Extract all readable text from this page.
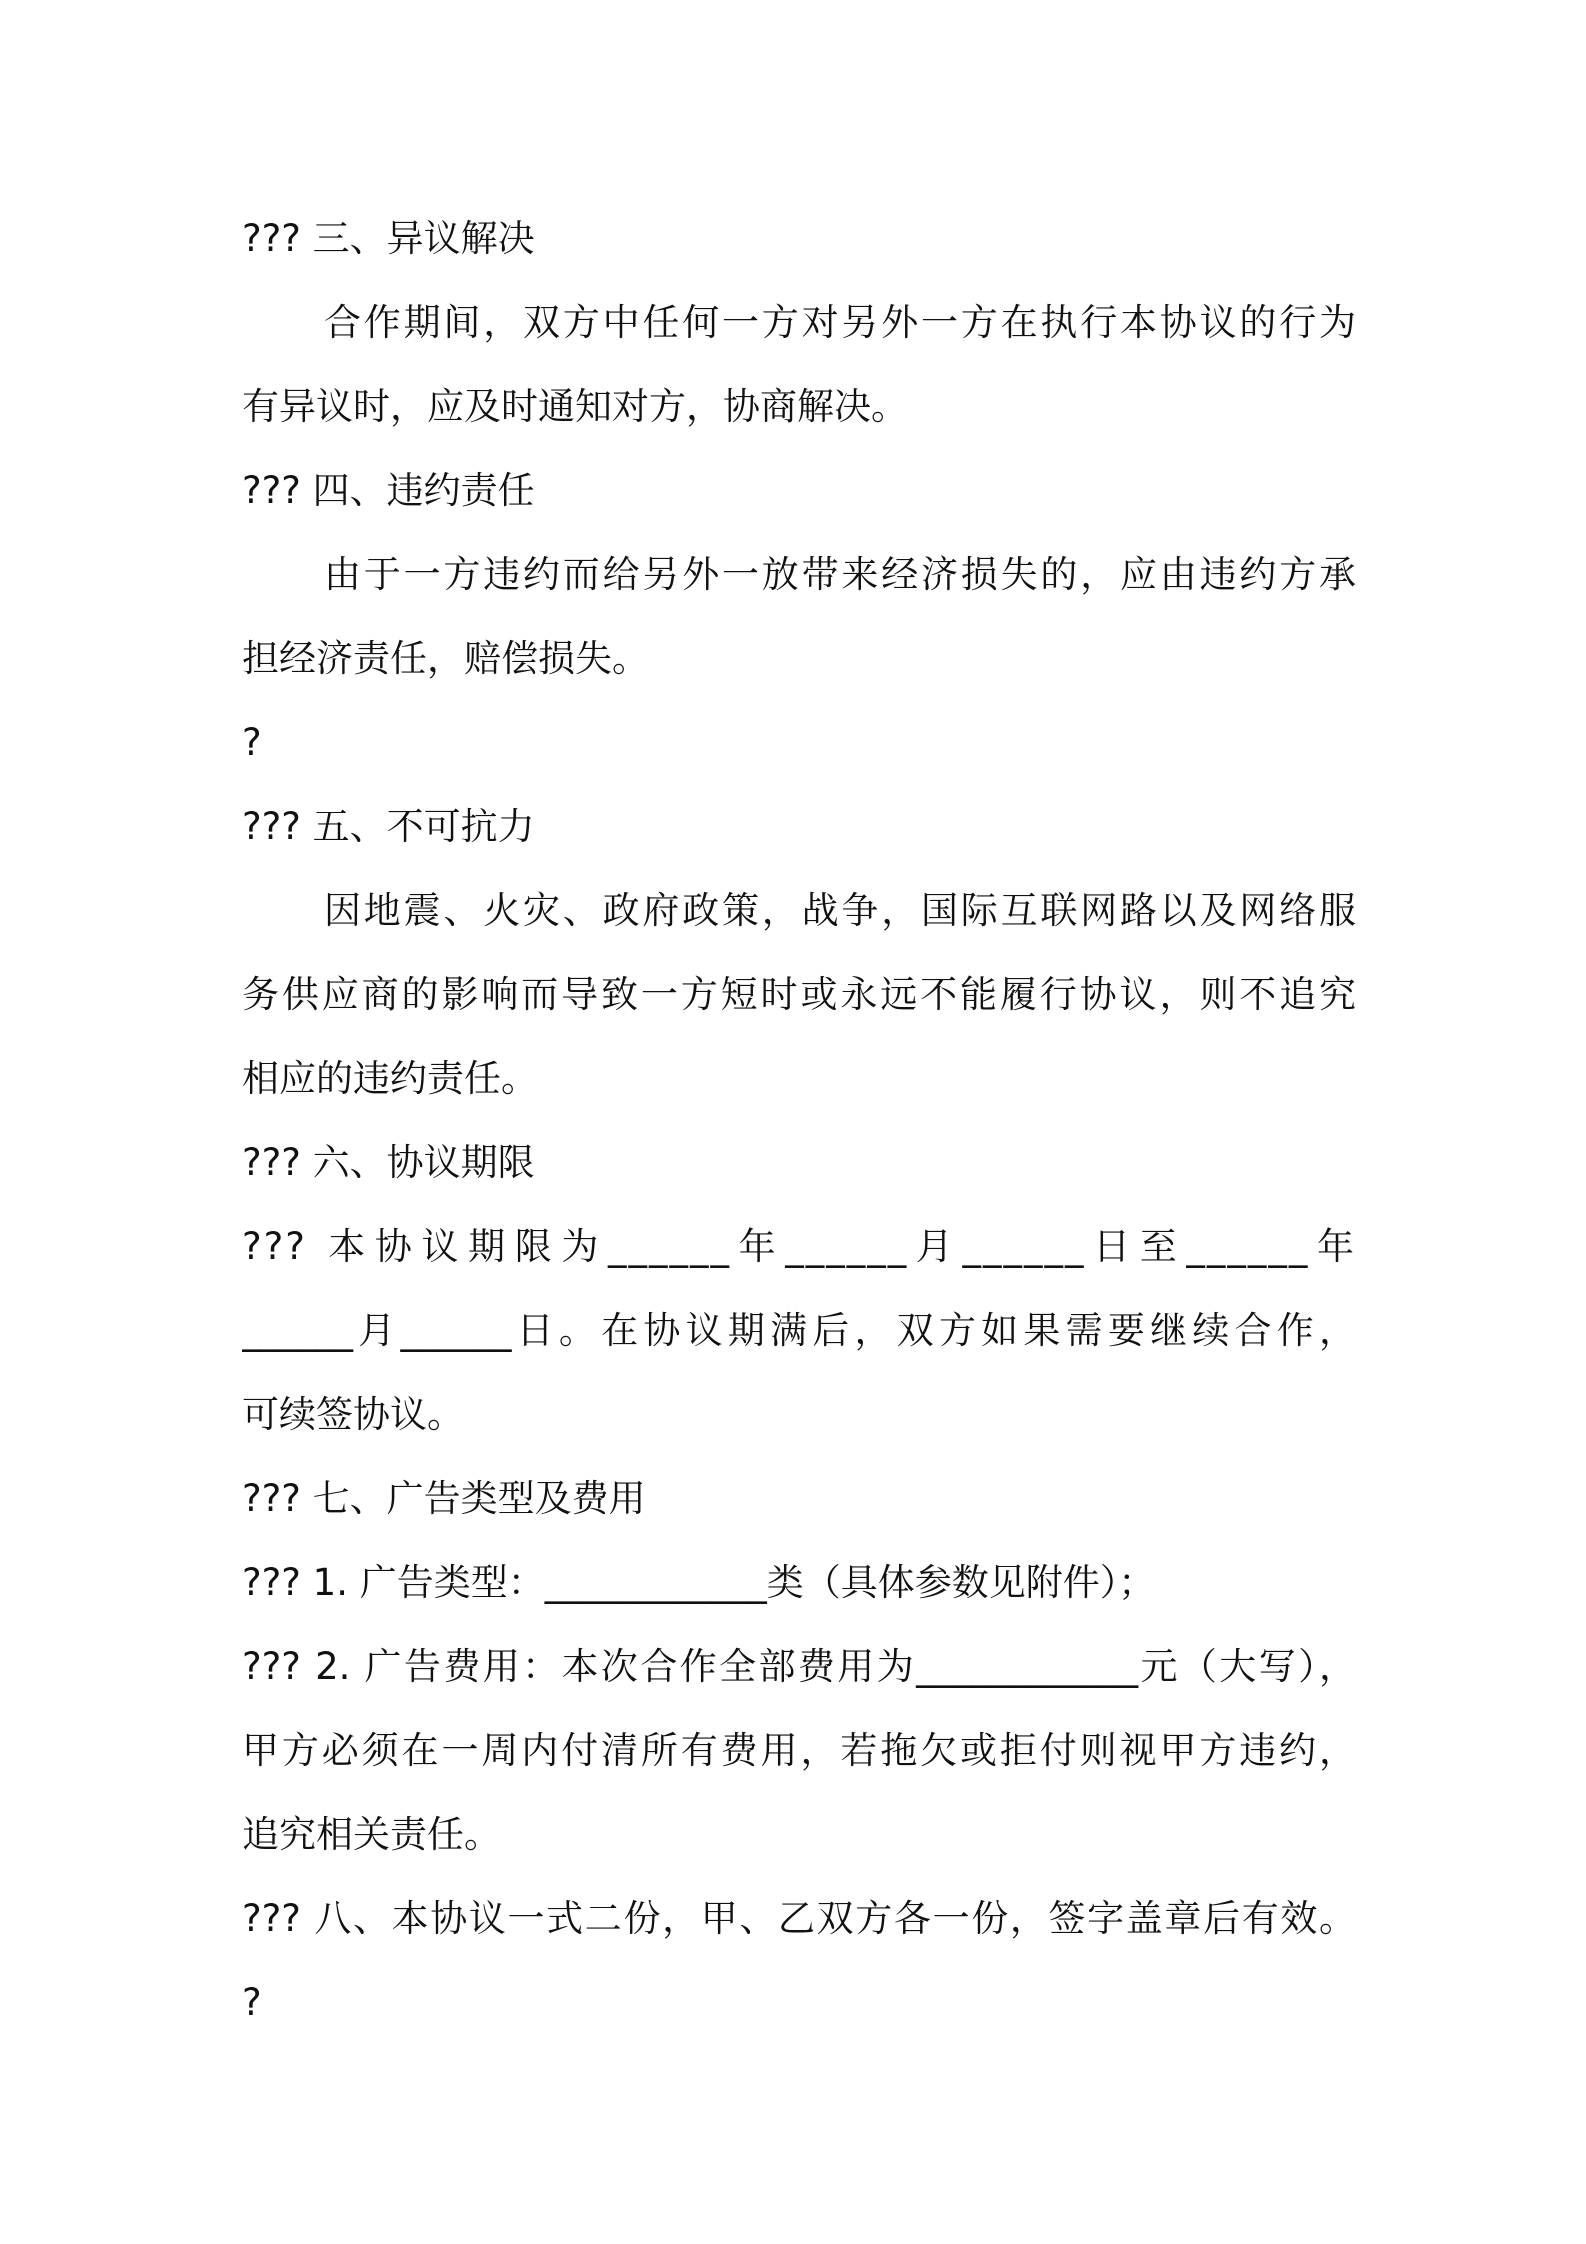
??? 三、异议解决
合作期间，双方中任何一方对另外一方在执行本协议的行为
有异议时，应及时通知对方，协商解决。
??? 四、违约责任
由于一方违约而给另外一放带来经济损失的，应由违约方承
担经济责任，赔偿损失。
?
??? 五、不可抗力
因地震、火灾、政府政策，战争，国际互联网路以及网络服
务供应商的影响而导致一方短时或永远不能履行协议，则不追究
相应的违约责任。
??? 六、协议期限
??? 本协议期限为______年______月______日至______年
______月______日。在协议期满后，双方如果需要继续合作，
可续签协议。
??? 七、广告类型及费用
??? 1. 广告类型：____________类（具体参数见附件）；
??? 2. 广告费用：本次合作全部费用为____________元（大写），
甲方必须在一周内付清所有费用，若拖欠或拒付则视甲方违约，
追究相关责任。
??? 八、本协议一式二份，甲、乙双方各一份，签字盖章后有效。
?
